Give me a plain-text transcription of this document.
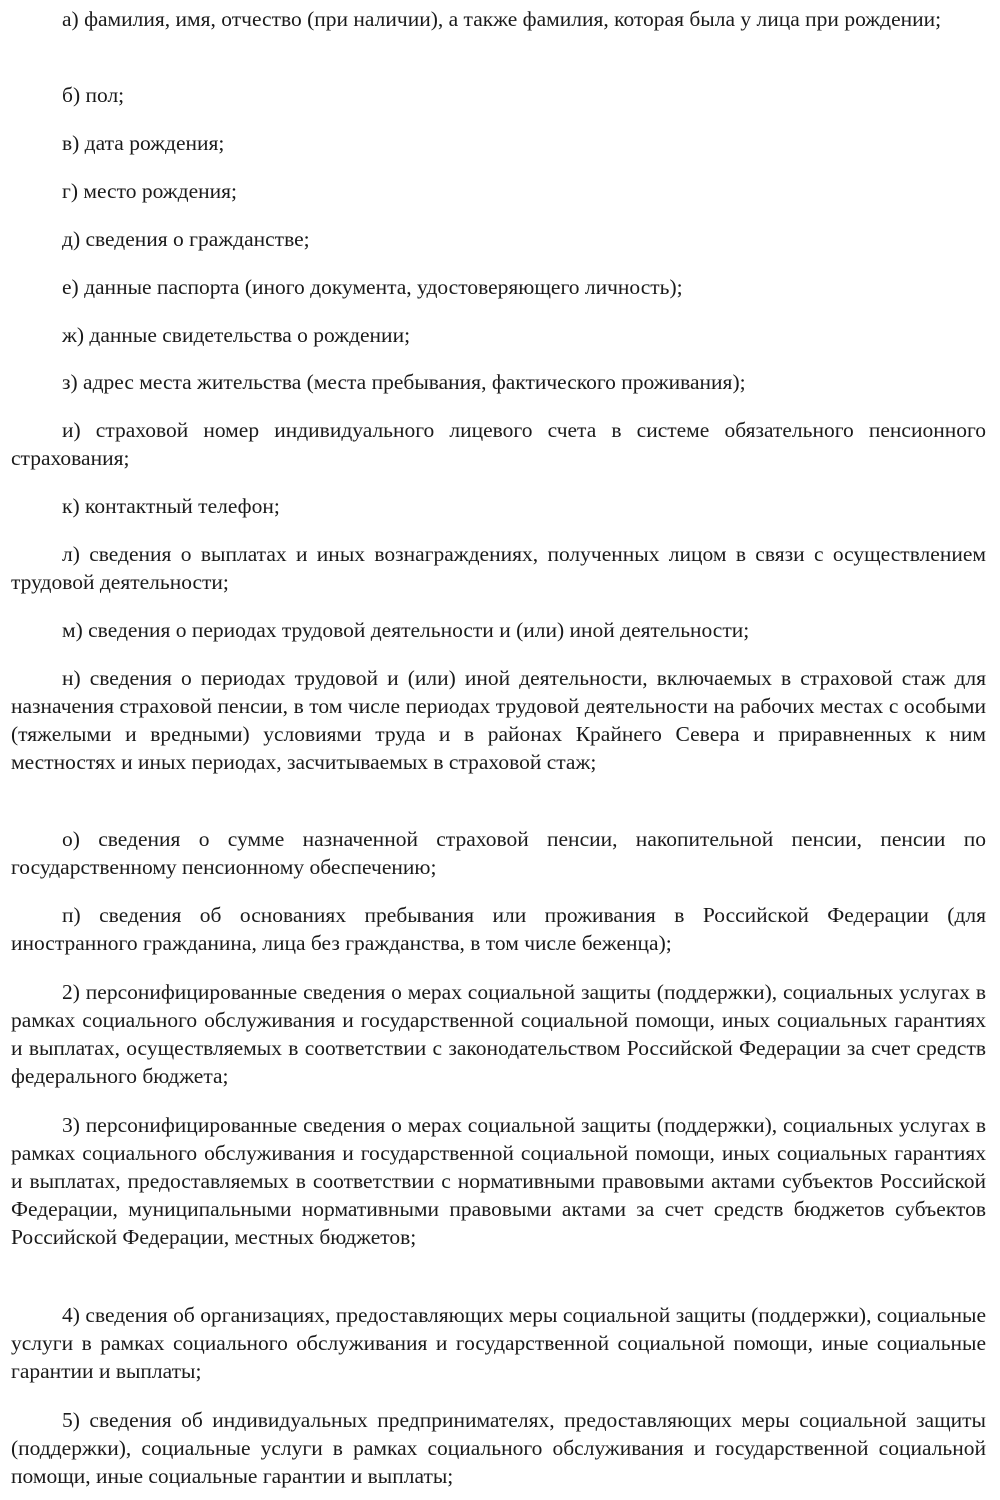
а) фамилия, имя, отчество (при наличии), а также фамилия, которая была у лица при рождении;

б) пол;

в) дата рождения;

г) место рождения;

д) сведения о гражданстве;

е) данные паспорта (иного документа, удостоверяющего личность);

ж) данные свидетельства о рождении;

з) адрес места жительства (места пребывания, фактического проживания);

и) страховой номер индивидуального лицевого счета в системе обязательного пенсионного страхования;

к) контактный телефон;

л) сведения о выплатах и иных вознаграждениях, полученных лицом в связи с осуществлением трудовой деятельности;

м) сведения о периодах трудовой деятельности и (или) иной деятельности;

н) сведения о периодах трудовой и (или) иной деятельности, включаемых в страховой стаж для назначения страховой пенсии, в том числе периодах трудовой деятельности на рабочих местах с особыми (тяжелыми и вредными) условиями труда и в районах Крайнего Севера и приравненных к ним местностях и иных периодах, засчитываемых в страховой стаж;

о) сведения о сумме назначенной страховой пенсии, накопительной пенсии, пенсии по государственному пенсионному обеспечению;

п) сведения об основаниях пребывания или проживания в Российской Федерации (для иностранного гражданина, лица без гражданства, в том числе беженца);

2) персонифицированные сведения о мерах социальной защиты (поддержки), социальных услугах в рамках социального обслуживания и государственной социальной помощи, иных социальных гарантиях и выплатах, осуществляемых в соответствии с законодательством Российской Федерации за счет средств федерального бюджета;

3) персонифицированные сведения о мерах социальной защиты (поддержки), социальных услугах в рамках социального обслуживания и государственной социальной помощи, иных социальных гарантиях и выплатах, предоставляемых в соответствии с нормативными правовыми актами субъектов Российской Федерации, муниципальными нормативными правовыми актами за счет средств бюджетов субъектов Российской Федерации, местных бюджетов;

4) сведения об организациях, предоставляющих меры социальной защиты (поддержки), социальные услуги в рамках социального обслуживания и государственной социальной помощи, иные социальные гарантии и выплаты;

5) сведения об индивидуальных предпринимателях, предоставляющих меры социальной защиты (поддержки), социальные услуги в рамках социального обслуживания и государственной социальной помощи, иные социальные гарантии и выплаты;
